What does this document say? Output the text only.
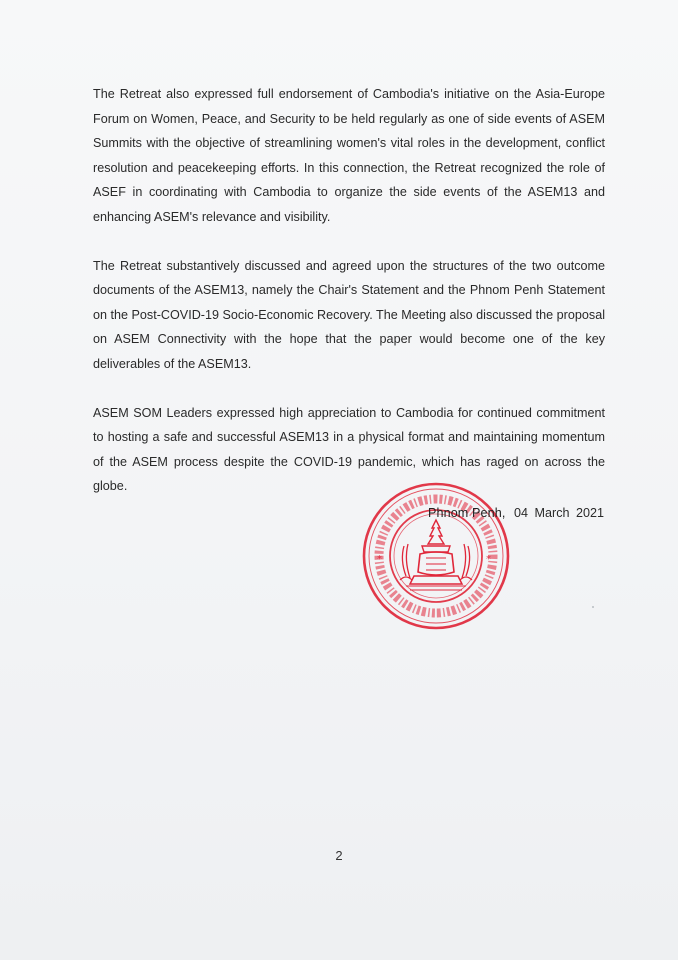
The Retreat also expressed full endorsement of Cambodia's initiative on the Asia-Europe Forum on Women, Peace, and Security to be held regularly as one of side events of ASEM Summits with the objective of streamlining women's vital roles in the development, conflict resolution and peacekeeping efforts. In this connection, the Retreat recognized the role of ASEF in coordinating with Cambodia to organize the side events of the ASEM13 and enhancing ASEM's relevance and visibility.

The Retreat substantively discussed and agreed upon the structures of the two outcome documents of the ASEM13, namely the Chair's Statement and the Phnom Penh Statement on the Post-COVID-19 Socio-Economic Recovery. The Meeting also discussed the proposal on ASEM Connectivity with the hope that the paper would become one of the key deliverables of the ASEM13.

ASEM SOM Leaders expressed high appreciation to Cambodia for continued commitment to hosting a safe and successful ASEM13 in a physical format and maintaining momentum of the ASEM process despite the COVID-19 pandemic, which has raged on across the globe.

*	*
Phnom Penh, 04 March 2021
2
